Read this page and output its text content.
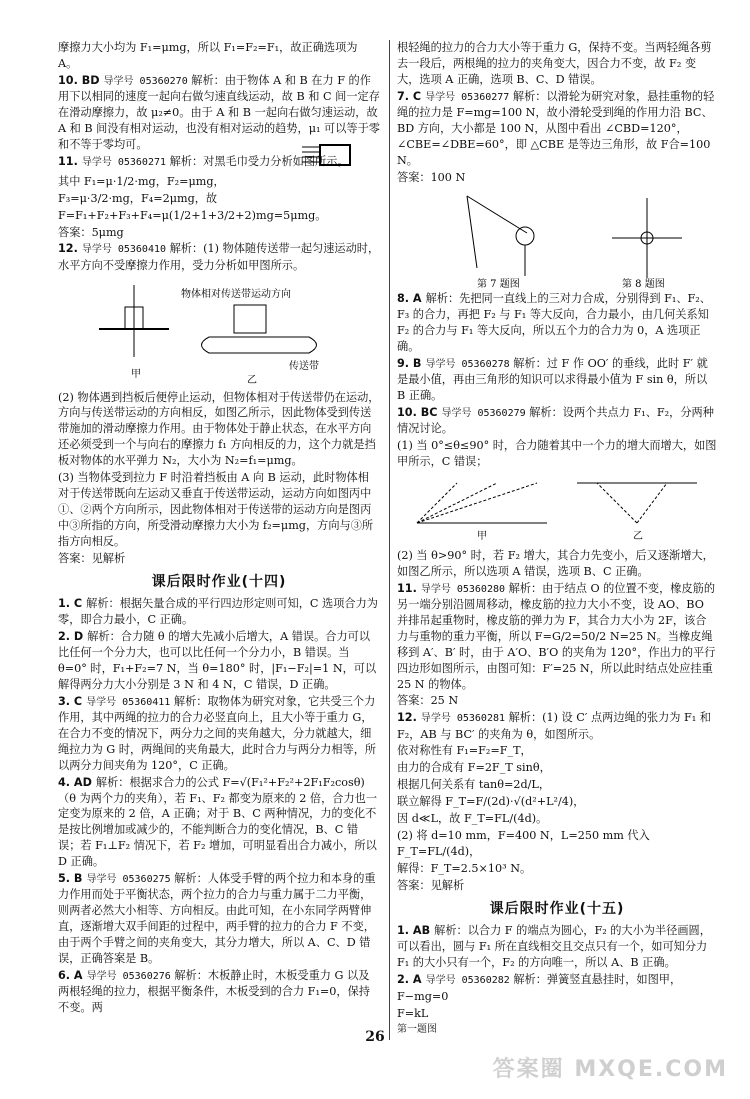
摩擦力大小均为 F₁=μmg，所以 F₁=F₂=F₁，故正确选项为 A。

10. BD 导学号 05360270 解析：由于物体 A 和 B 在力 F 的作用下以相同的速度一起向右做匀速直线运动，故 B 和 C 间一定存在滑动摩擦力，故 μ₂≠0。由于 A 和 B 一起向右做匀速运动，故 A 和 B 间没有相对运动，也没有相对运动的趋势，μ₁ 可以等于零和不等于零均可。

11. 导学号 05360271 解析：对黑毛巾受力分析如图所示。

其中 F₁=μ·1/2·mg，F₂=μmg，

F₃=μ·3/2·mg，F₄=2μmg，故

F=F₁+F₂+F₃+F₄=μ(1/2+1+3/2+2)mg=5μmg。

答案：5μmg

12. 导学号 05360410 解析：(1) 物体随传送带一起匀速运动时，水平方向不受摩擦力作用，受力分析如甲图所示。

甲
物体相对传送带运动方向
传送带
乙

(2) 物体遇到挡板后便停止运动，但物体相对于传送带仍在运动，方向与传送带运动的方向相反，如图乙所示，因此物体受到传送带施加的滑动摩擦力作用。由于物体处于静止状态，在水平方向还必须受到一个与向右的摩擦力 f₁ 方向相反的力，这个力就是挡板对物体的水平弹力 N₂，大小为 N₂=f₁=μmg。

(3) 当物体受到拉力 F 时沿着挡板由 A 向 B 运动，此时物体相对于传送带既向左运动又垂直于传送带运动，运动方向如图丙中①、②两个方向所示，因此物体相对于传送带的运动方向是图丙中③所指的方向，所受滑动摩擦力大小为 f₂=μmg，方向与③所指方向相反。

答案：见解析

课后限时作业(十四)

1. C 解析：根据矢量合成的平行四边形定则可知，C 选项合力为零，即合力最小，C 正确。

2. D 解析：合力随 θ 的增大先减小后增大，A 错误。合力可以比任何一个分力大，也可以比任何一个分力小，B 错误。当 θ=0° 时，F₁+F₂=7 N，当 θ=180° 时，|F₁−F₂|=1 N，可以解得两分力大小分别是 3 N 和 4 N，C 错误，D 正确。

3. C 导学号 05360411 解析：取物体为研究对象，它共受三个力作用，其中两绳的拉力的合力必竖直向上，且大小等于重力 G，在合力不变的情况下，两分力之间的夹角越大，分力就越大，细绳拉力为 G 时，两绳间的夹角最大，此时合力与两分力相等，所以两分力间夹角为 120°，C 正确。

4. AD 解析：根据求合力的公式 F=√(F₁²+F₂²+2F₁F₂cosθ)（θ 为两个力的夹角），若 F₁、F₂ 都变为原来的 2 倍，合力也一定变为原来的 2 倍，A 正确；对于 B、C 两种情况，力的变化不是按比例增加或减少的，不能判断合力的变化情况，B、C 错误；若 F₁⊥F₂ 情况下，若 F₂ 增加，可明显看出合力减小，所以 D 正确。

5. B 导学号 05360275 解析：人体受手臂的两个拉力和本身的重力作用而处于平衡状态，两个拉力的合力与重力属于二力平衡，则两者必然大小相等、方向相反。由此可知，在小东同学两臂伸直，逐渐增大双手间距的过程中，两手臂的拉力的合力 F 不变，由于两个手臂之间的夹角变大，其分力增大，所以 A、C、D 错误，正确答案是 B。

6. A 导学号 05360276 解析：木板静止时，木板受重力 G 以及两根轻绳的拉力，根据平衡条件，木板受到的合力 F₁=0，保持不变。两

根轻绳的拉力的合力大小等于重力 G，保持不变。当两轻绳各剪去一段后，两根绳的拉力的夹角变大，因合力不变，故 F₂ 变大，选项 A 正确，选项 B、C、D 错误。

7. C 导学号 05360277 解析：以滑轮为研究对象，悬挂重物的轻绳的拉力是 F=mg=100 N，故小滑轮受到绳的作用力沿 BC、BD 方向，大小都是 100 N，从图中看出 ∠CBD=120°，∠CBE=∠DBE=60°，即 △CBE 是等边三角形，故 F合=100 N。

答案：100 N

第 7 题图	第 8 题图

8. A 解析：先把同一直线上的三对力合成，分别得到 F₁、F₂、F₃ 的合力，再把 F₂ 与 F₁ 等大反向，合力最小，由几何关系知 F₂ 的合力与 F₁ 等大反向，所以五个力的合力为 0，A 选项正确。

9. B 导学号 05360278 解析：过 F 作 OO′ 的垂线，此时 F′ 就是最小值，再由三角形的知识可以求得最小值为 F sin θ，所以 B 正确。

10. BC 导学号 05360279 解析：设两个共点力 F₁、F₂，分两种情况讨论。

(1) 当 0°≤θ≤90° 时，合力随着其中一个力的增大而增大，如图甲所示，C 错误；

甲	乙

(2) 当 θ>90° 时，若 F₂ 增大，其合力先变小，后又逐渐增大，如图乙所示，所以选项 A 错误，选项 B、C 正确。

11. 导学号 05360280 解析：由于结点 O 的位置不变，橡皮筋的另一端分别沿圆周移动，橡皮筋的拉力大小不变，设 AO、BO 并排吊起重物时，橡皮筋的弹力为 F，其合力大小为 2F，该合力与重物的重力平衡，所以 F=G/2=50/2 N=25 N。当橡皮绳移到 A′、B′ 时，由于 A′O、B′O 的夹角为 120°，作出力的平行四边形如图所示，由图可知：F′=25 N，所以此时结点处应挂重 25 N 的物体。

答案：25 N

12. 导学号 05360281 解析：(1) 设 C′ 点两边绳的张力为 F₁ 和 F₂，AB 与 BC′ 的夹角为 θ，如图所示。

依对称性有 F₁=F₂=F_T，

由力的合成有 F=2F_T sinθ，

根据几何关系有 tanθ=2d/L，

联立解得 F_T=F/(2d)·√(d²+L²/4)，

因 d≪L，故 F_T=FL/(4d)。

(2) 将 d=10 mm，F=400 N，L=250 mm 代入 F_T=FL/(4d)，

解得：F_T=2.5×10³ N。

答案：见解析

课后限时作业(十五)

1. AB 解析：以合力 F 的端点为圆心，F₂ 的大小为半径画圆，可以看出，圆与 F₁ 所在直线相交且交点只有一个，如可知分力 F₁ 的大小只有一个，F₂ 的方向唯一，所以 A、B 正确。

2. A 导学号 05360282 解析：弹簧竖直悬挂时，如图甲，

F−mg=0

F=kL

第一题图

26
答案圈 MXQE.COM
